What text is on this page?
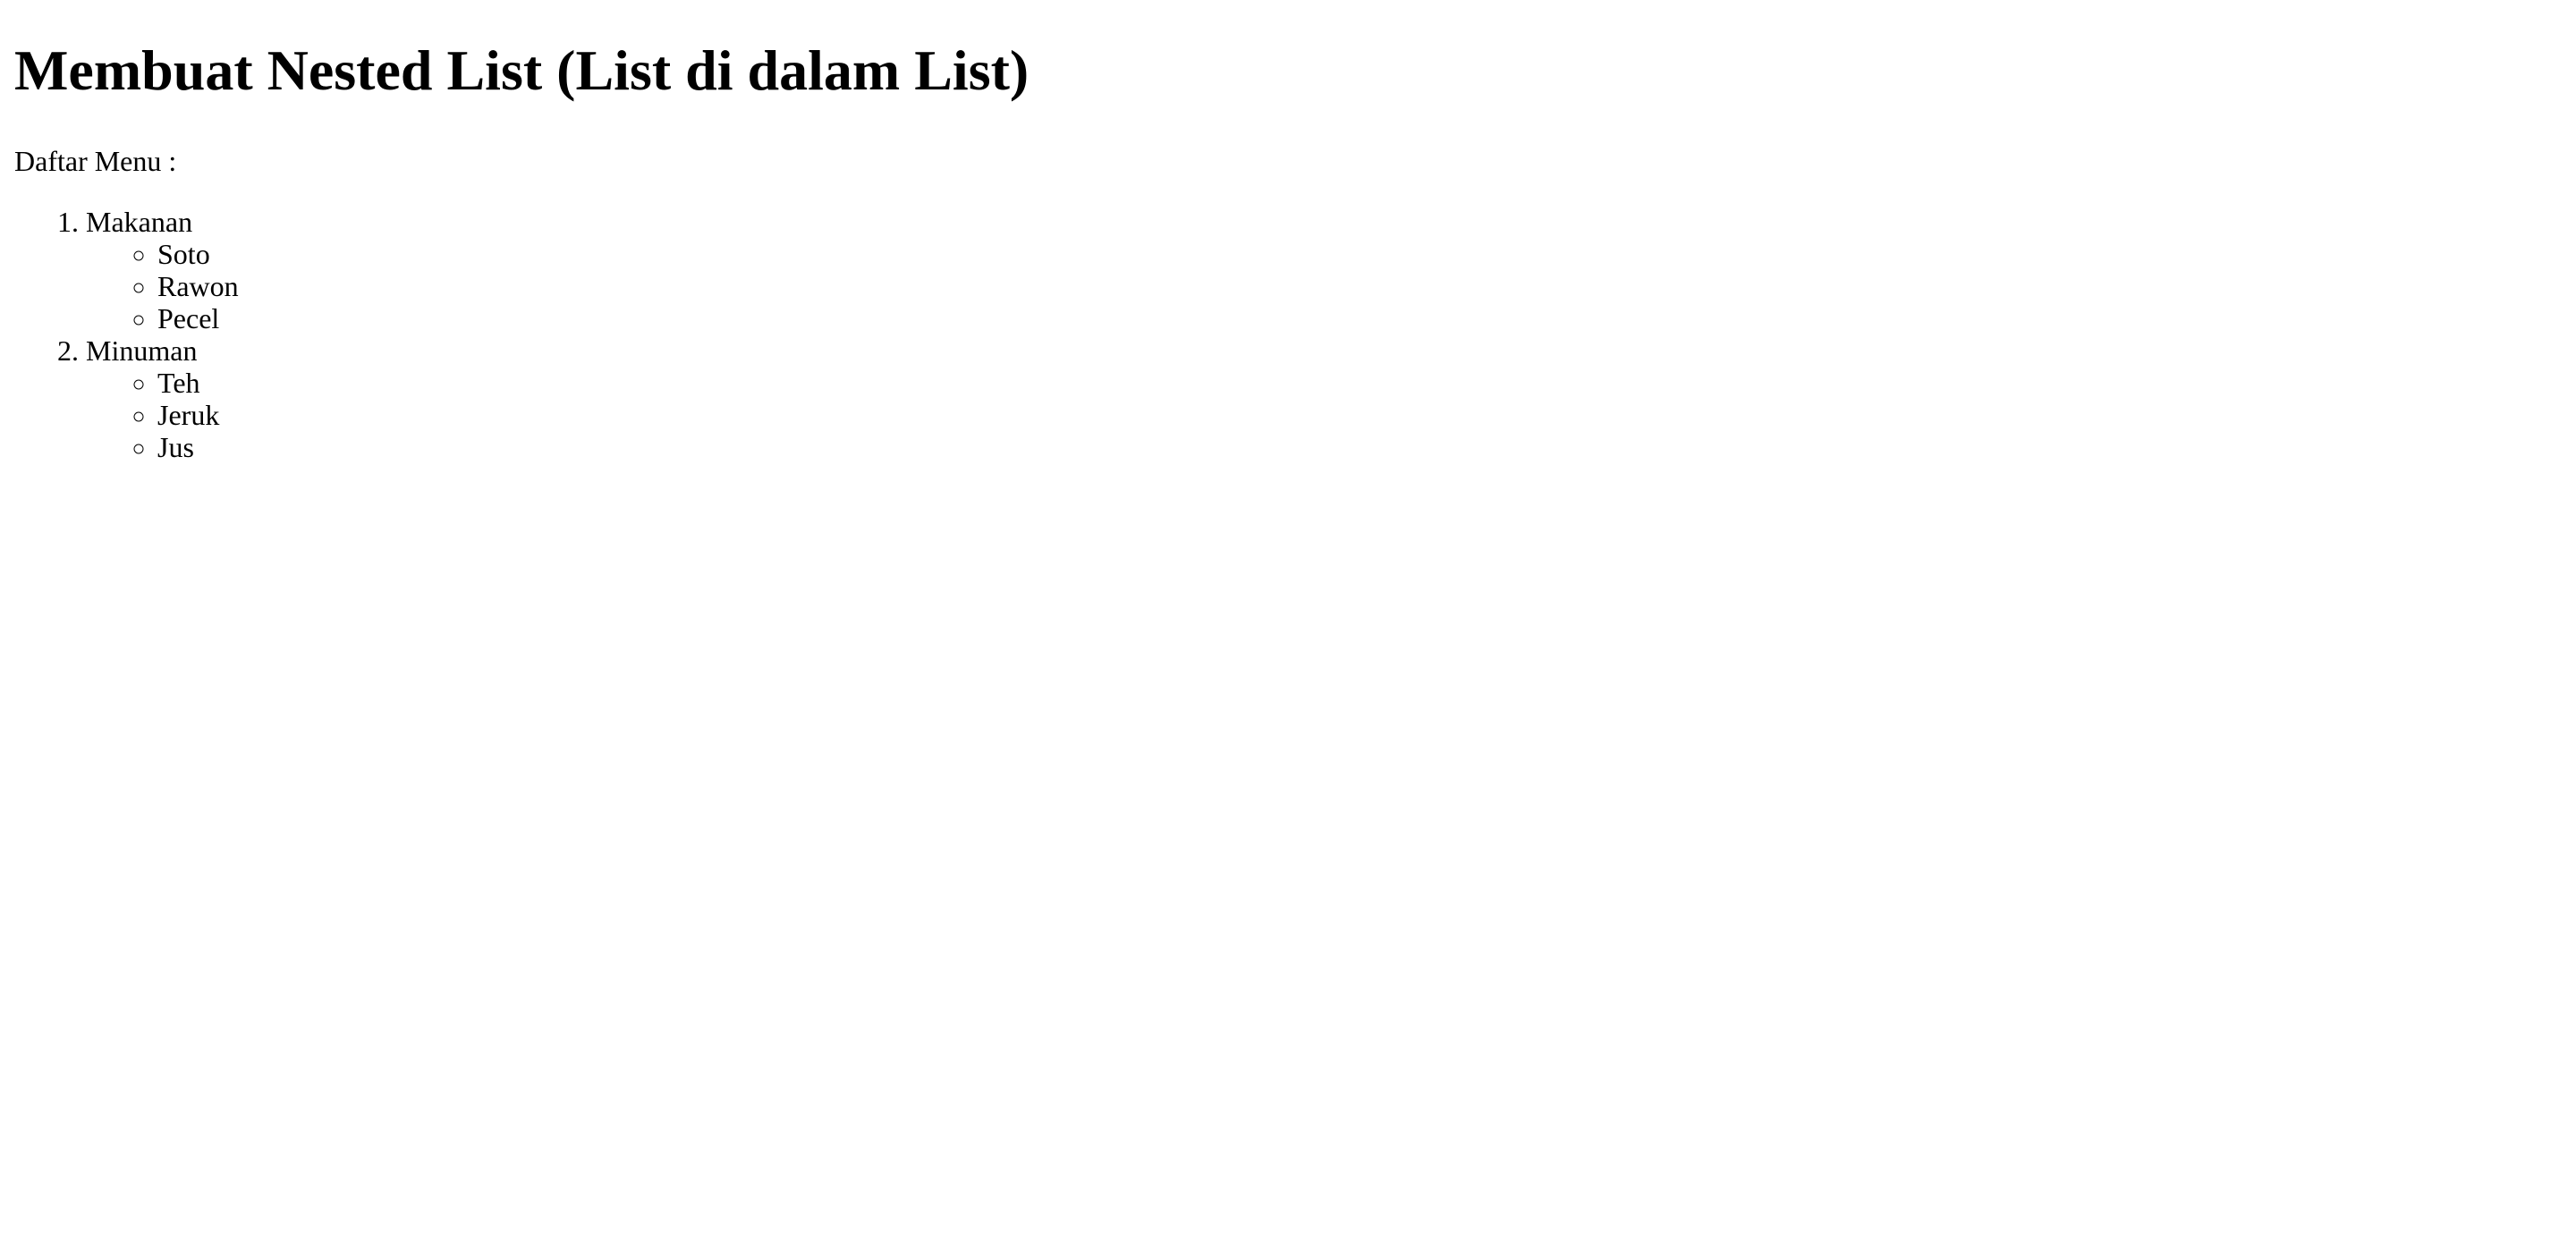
Membuat Nested List (List di dalam List)

Daftar Menu :

1. Makanan
◦ Soto
◦ Rawon
◦ Pecel
2. Minuman
◦ Teh
◦ Jeruk
◦ Jus
